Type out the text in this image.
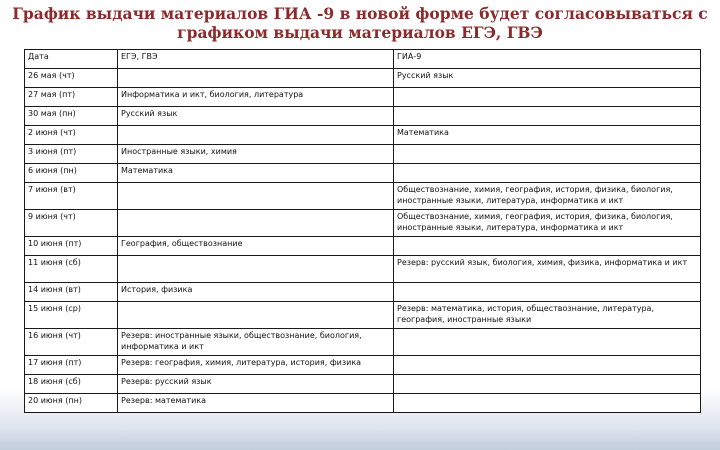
График выдачи материалов ГИА -9 в новой форме будет согласовываться с
графиком выдачи материалов ЕГЭ, ГВЭ
Дата	ЕГЭ, ГВЭ	ГИА-9
26 мая (чт)		Русский язык
27 мая (пт)	Информатика и икт, биология, литература	
30 мая (пн)	Русский язык	
2 июня (чт)		Математика
3 июня (пт)	Иностранные языки, химия	
6 июня (пн)	Математика	
7 июня (вт)		Обществознание, химия, география, история, физика, биология, иностранные языки, литература, информатика и икт
9 июня (чт)		Обществознание, химия, география, история, физика, биология, иностранные языки, литература, информатика и икт
10 июня (пт)	География, обществознание	
11 июня (сб)		Резерв: русский язык, биология, химия, физика, информатика и икт
14 июня (вт)	История, физика	
15 июня (ср)		Резерв: математика, история, обществознание, литература, география, иностранные языки
16 июня (чт)	Резерв: иностранные языки, обществознание, биология, информатика и икт	
17 июня (пт)	Резерв: география, химия, литература, история, физика	
18 июня (сб)	Резерв: русский язык	
20 июня (пн)	Резерв: математика	
